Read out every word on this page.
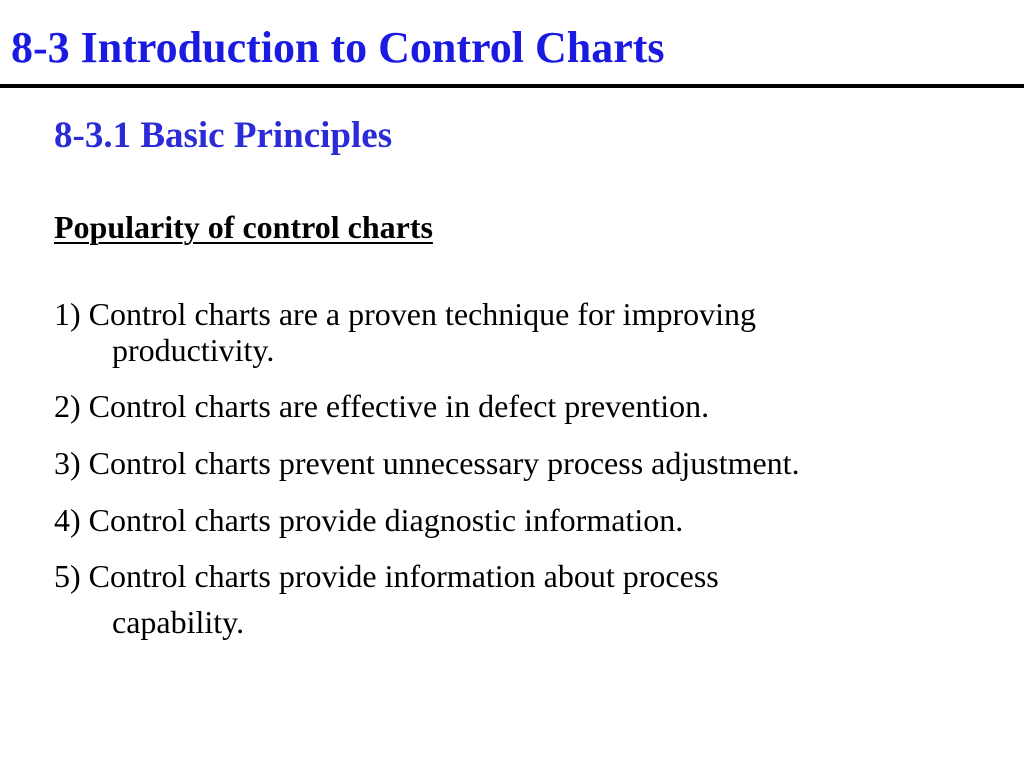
8-3 Introduction to Control Charts
8-3.1 Basic Principles
Popularity of control charts
1) Control charts are a proven technique for improving
productivity.
2) Control charts are effective in defect prevention.
3) Control charts prevent unnecessary process adjustment.
4) Control charts provide diagnostic information.
5) Control charts provide information about process
capability.
